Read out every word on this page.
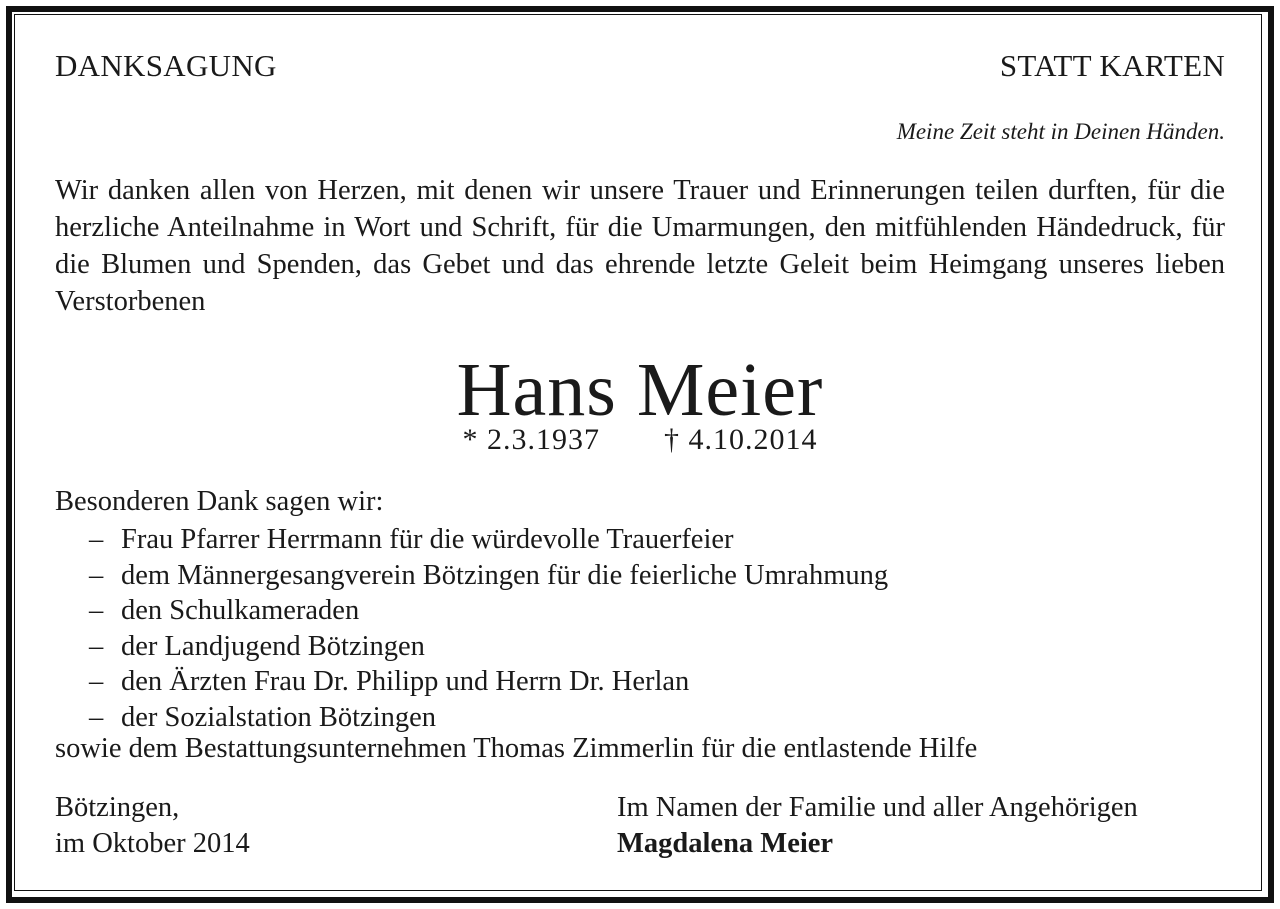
DANKSAGUNG	STATT KARTEN
Meine Zeit steht in Deinen Händen.
Wir danken allen von Herzen, mit denen wir unsere Trauer und Erinnerungen teilen durften, für die herzliche Anteilnahme in Wort und Schrift, für die Umarmungen, den mitfühlenden Händedruck, für die Blumen und Spenden, das Gebet und das ehrende letzte Geleit beim Heimgang unseres lieben Verstorbenen
Hans Meier
* 2.3.1937 † 4.10.2014
Besonderen Dank sagen wir:
– Frau Pfarrer Herrmann für die würdevolle Trauerfeier
– dem Männergesangverein Bötzingen für die feierliche Umrahmung
– den Schulkameraden
– der Landjugend Bötzingen
– den Ärzten Frau Dr. Philipp und Herrn Dr. Herlan
– der Sozialstation Bötzingen
sowie dem Bestattungsunternehmen Thomas Zimmerlin für die entlastende Hilfe
Bötzingen,
im Oktober 2014
Im Namen der Familie und aller Angehörigen
Magdalena Meier
